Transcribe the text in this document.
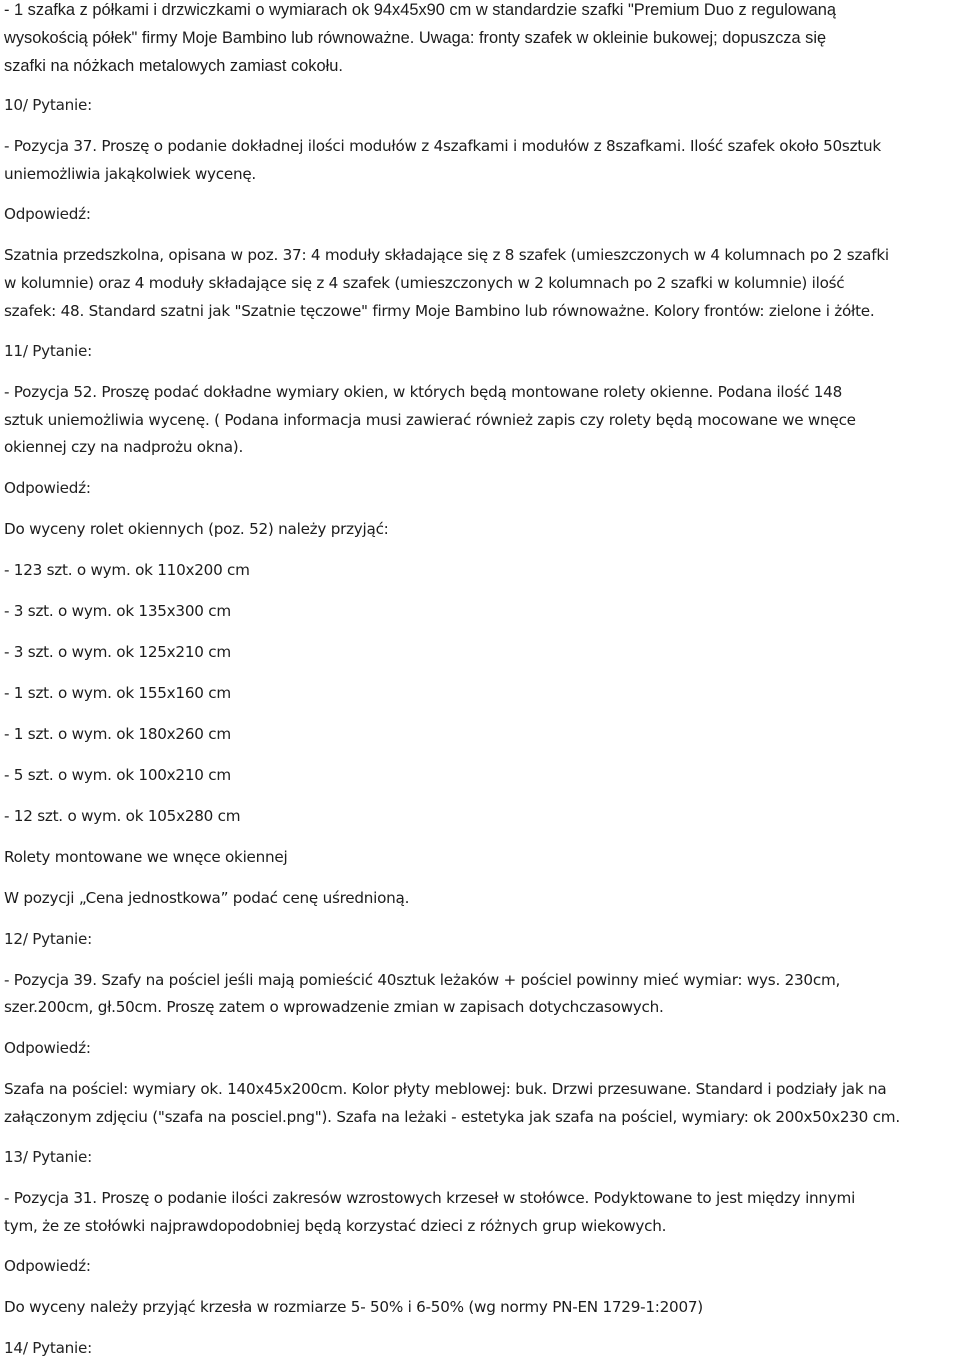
- 1 szafka z półkami i drzwiczkami o wymiarach ok 94x45x90 cm w standardzie szafki "Premium Duo z regulowaną
wysokością półek" firmy Moje Bambino lub równoważne. Uwaga: fronty szafek w okleinie bukowej; dopuszcza się
szafki na nóżkach metalowych zamiast cokołu.
10/ Pytanie:
- Pozycja 37. Proszę o podanie dokładnej ilości modułów z 4szafkami i modułów z 8szafkami. Ilość szafek około 50sztuk
uniemożliwia jakąkolwiek wycenę.
Odpowiedź:
Szatnia przedszkolna, opisana w poz. 37: 4 moduły składające się z 8 szafek (umieszczonych w 4 kolumnach po 2 szafki
w kolumnie) oraz 4 moduły składające się z 4 szafek (umieszczonych w 2 kolumnach po 2 szafki w kolumnie) ilość
szafek: 48. Standard szatni jak "Szatnie tęczowe" firmy Moje Bambino lub równoważne. Kolory frontów: zielone i żółte.
11/ Pytanie:
- Pozycja 52. Proszę podać dokładne wymiary okien, w których będą montowane rolety okienne. Podana ilość 148
sztuk uniemożliwia wycenę. ( Podana informacja musi zawierać również zapis czy rolety będą mocowane we wnęce
okiennej czy na nadprożu okna).
Odpowiedź:
Do wyceny rolet okiennych (poz. 52) należy przyjąć:
- 123 szt. o wym. ok 110x200 cm
- 3 szt. o wym. ok 135x300 cm
- 3 szt. o wym. ok 125x210 cm
- 1 szt. o wym. ok 155x160 cm
- 1 szt. o wym. ok 180x260 cm
- 5 szt. o wym. ok 100x210 cm
- 12 szt. o wym. ok 105x280 cm
Rolety montowane we wnęce okiennej
W pozycji „Cena jednostkowa” podać cenę uśrednioną.
12/ Pytanie:
- Pozycja 39. Szafy na pościel jeśli mają pomieścić 40sztuk leżaków + pościel powinny mieć wymiar: wys. 230cm,
szer.200cm, gł.50cm. Proszę zatem o wprowadzenie zmian w zapisach dotychczasowych.
Odpowiedź:
Szafa na pościel: wymiary ok. 140x45x200cm. Kolor płyty meblowej: buk. Drzwi przesuwane. Standard i podziały jak na
załączonym zdjęciu ("szafa na posciel.png"). Szafa na leżaki - estetyka jak szafa na pościel, wymiary: ok 200x50x230 cm.
13/ Pytanie:
- Pozycja 31. Proszę o podanie ilości zakresów wzrostowych krzeseł w stołówce. Podyktowane to jest między innymi
tym, że ze stołówki najprawdopodobniej będą korzystać dzieci z różnych grup wiekowych.
Odpowiedź:
Do wyceny należy przyjąć krzesła w rozmiarze 5- 50% i 6-50% (wg normy PN-EN 1729-1:2007)
14/ Pytanie:
